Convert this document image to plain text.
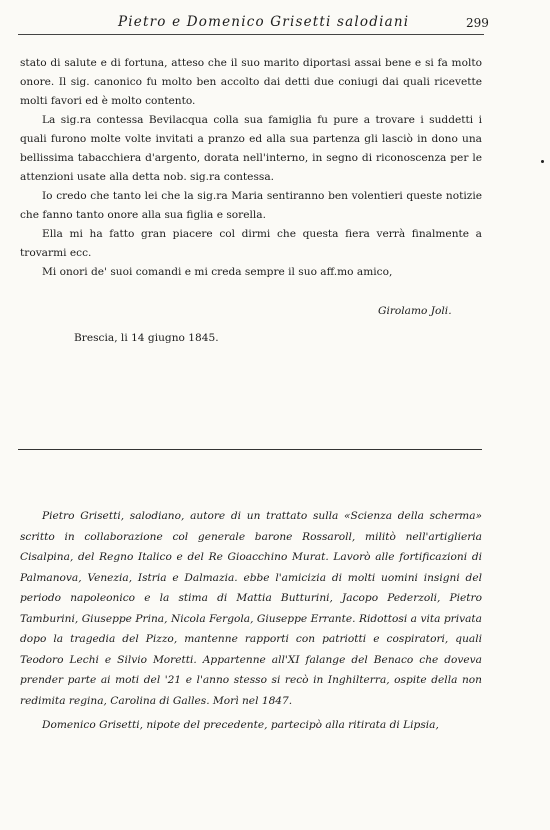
Pietro e Domenico Grisetti salodiani	299

stato di salute e di fortuna, atteso che il suo marito diportasi assai bene e si fa molto onore. Il sig. canonico fu molto ben accolto dai detti due coniugi dai quali ricevette molti favori ed è molto contento.

La sig.ra contessa Bevilacqua colla sua famiglia fu pure a trovare i suddetti i quali furono molte volte invitati a pranzo ed alla sua partenza gli lasciò in dono una bellissima tabacchiera d'argento, dorata nell'interno, in segno di riconoscenza per le attenzioni usate alla detta nob. sig.ra contessa.

Io credo che tanto lei che la sig.ra Maria sentiranno ben volentieri queste notizie che fanno tanto onore alla sua figlia e sorella.

Ella mi ha fatto gran piacere col dirmi che questa fiera verrà finalmente a trovarmi ecc.

Mi onori de' suoi comandi e mi creda sempre il suo aff.mo amico,

Girolamo Joli.
Brescia, li 14 giugno 1845.

Pietro Grisetti, salodiano, autore di un trattato sulla «Scienza della scherma» scritto in collaborazione col generale barone Rossaroll, militò nell'artiglieria Cisalpina, del Regno Italico e del Re Gioacchino Murat. Lavorò alle fortificazioni di Palmanova, Venezia, Istria e Dalmazia. ebbe l'amicizia di molti uomini insigni del periodo napoleonico e la stima di Mattia Butturini, Jacopo Pederzoli, Pietro Tamburini, Giuseppe Prina, Nicola Fergola, Giuseppe Errante. Ridottosi a vita privata dopo la tragedia del Pizzo, mantenne rapporti con patriotti e cospiratori, quali Teodoro Lechi e Silvio Moretti. Appartenne all'XI falange del Benaco che doveva prender parte ai moti del '21 e l'anno stesso si recò in Inghilterra, ospite della non redimita regina, Carolina di Galles. Morì nel 1847.

Domenico Grisetti, nipote del precedente, partecipò alla ritirata di Lipsia,
